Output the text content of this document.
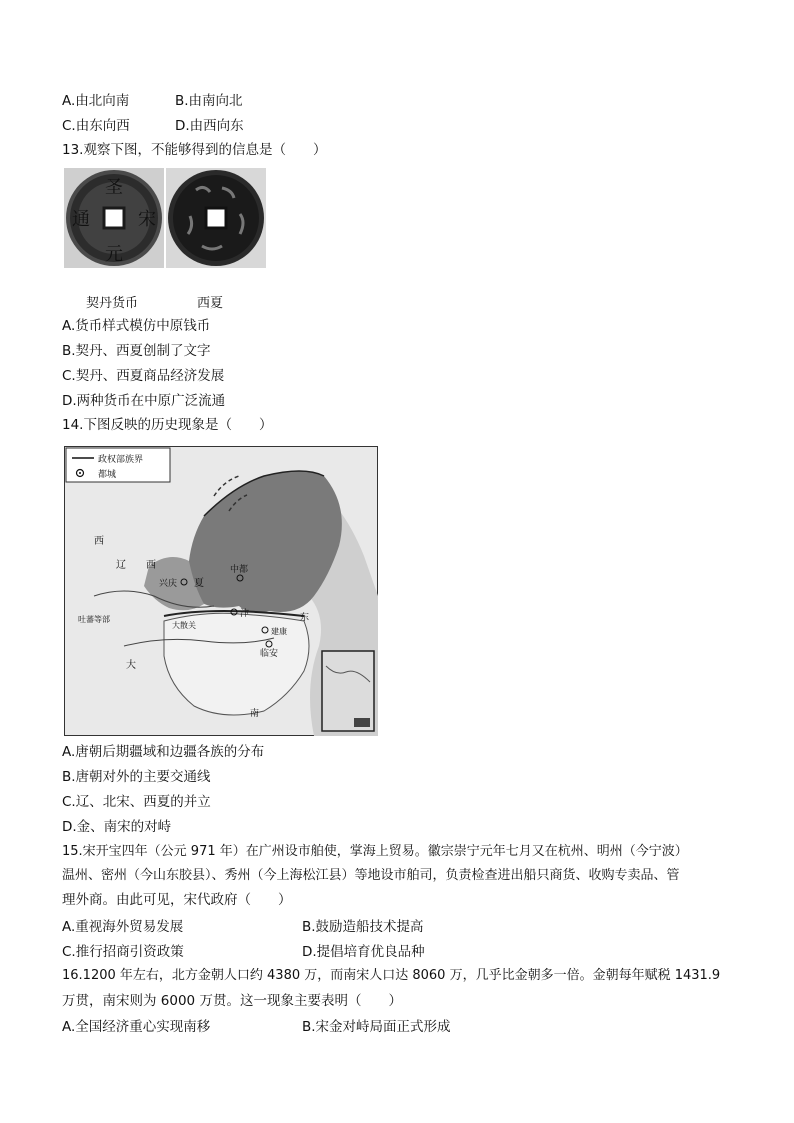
A.由北向南	B.由南向北
C.由东向西	D.由西向东
13.观察下图，不能够得到的信息是（　　）
圣
宋
元
通
契丹货币	西夏
A.货币样式模仿中原钱币
B.契丹、西夏创制了文字
C.契丹、西夏商品经济发展
D.两种货币在中原广泛流通
14.下图反映的历史现象是（　　）
政权部族界
都城
西
辽 西
兴庆 夏
中都
吐蕃等部
大散关
汴
建康
东
临安
大
南
A.唐朝后期疆域和边疆各族的分布
B.唐朝对外的主要交通线
C.辽、北宋、西夏的并立
D.金、南宋的对峙
15.宋开宝四年（公元 971 年）在广州设市舶使，掌海上贸易。徽宗崇宁元年七月又在杭州、明州（今宁波）
温州、密州（今山东胶县）、秀州（今上海松江县）等地设市舶司，负责检查进出船只商货、收购专卖品、管
理外商。由此可见，宋代政府（　　）
A.重视海外贸易发展	B.鼓励造船技术提高
C.推行招商引资政策	D.提倡培育优良品种
16.1200 年左右，北方金朝人口约 4380 万，而南宋人口达 8060 万，几乎比金朝多一倍。金朝每年赋税 1431.9
万贯，南宋则为 6000 万贯。这一现象主要表明（　　）
A.全国经济重心实现南移	B.宋金对峙局面正式形成
